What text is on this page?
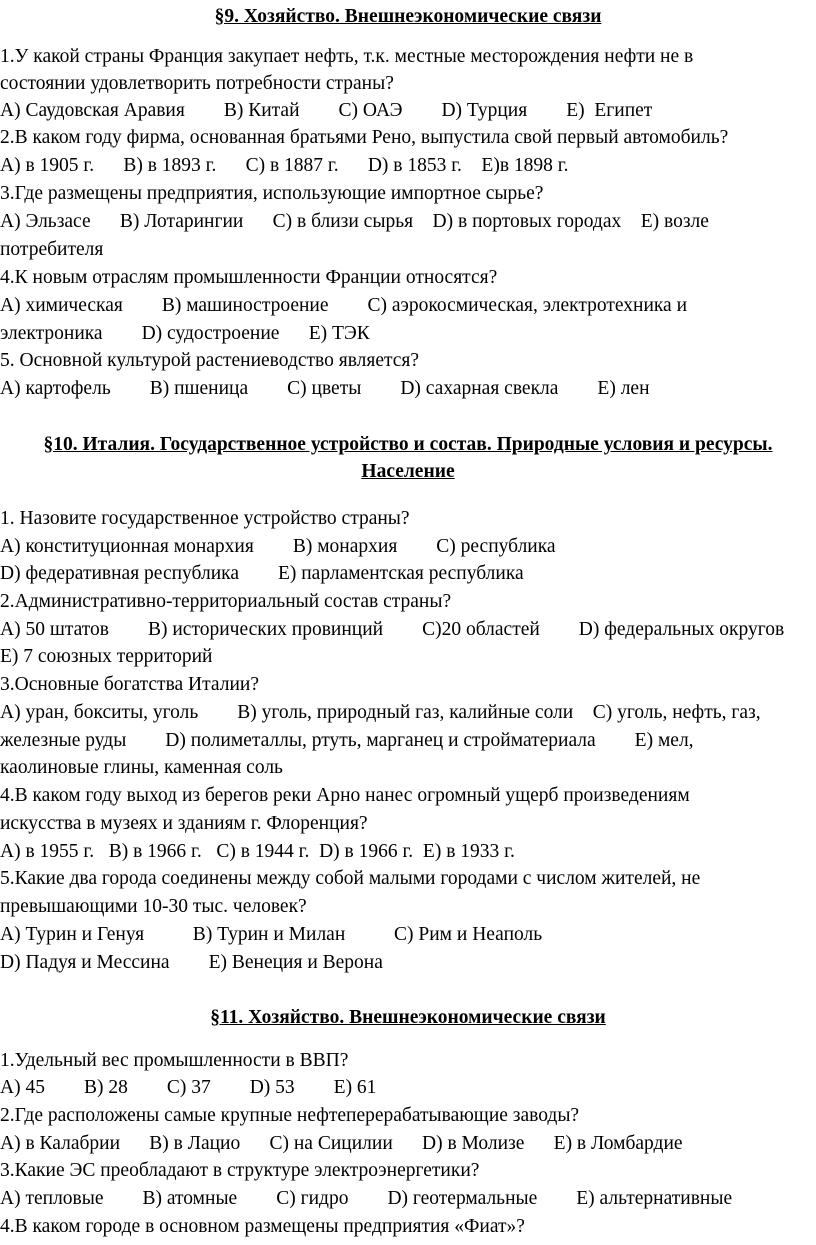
§9. Хозяйство. Внешнеэкономические связи

1.У какой страны Франция закупает нефть, т.к. местные месторождения нефти не в

состоянии удовлетворить потребности страны?

A) Саудовская Аравия        B) Китай        C) ОАЭ        D) Турция        E)  Египет

2.В каком году фирма, основанная братьями Рено, выпустила свой первый автомобиль?

A) в 1905 г.      B) в 1893 г.      C) в 1887 г.      D) в 1853 г.    E)в 1898 г.

3.Где размещены предприятия, использующие импортное сырье?

A) Эльзасе      B) Лотарингии      C) в близи сырья    D) в портовых городах    E) возле

потребителя

4.К новым отраслям промышленности Франции относятся?

A) химическая        B) машиностроение        C) аэрокосмическая, электротехника и

электроника        D) судостроение      E) ТЭК

5. Основной культурой растениеводство является?

A) картофель        B) пшеница        C) цветы        D) сахарная свекла        E) лен

§10. Италия. Государственное устройство и состав. Природные условия и ресурсы.
Население

1. Назовите государственное устройство страны?

A) конституционная монархия        B) монархия        C) республика

D) федеративная республика        E) парламентская республика

2.Административно-территориальный состав страны?

A) 50 штатов        B) исторических провинций        C)20 областей        D) федеральных округов

E) 7 союзных территорий

3.Основные богатства Италии?

A) уран, бокситы, уголь        B) уголь, природный газ, калийные соли    C) уголь, нефть, газ,

железные руды        D) полиметаллы, ртуть, марганец и стройматериала        E) мел,

каолиновые глины, каменная соль

4.В каком году выход из берегов реки Арно нанес огромный ущерб произведениям

искусства в музеях и зданиям г. Флоренция?

A) в 1955 г.   B) в 1966 г.   C) в 1944 г.  D) в 1966 г.  E) в 1933 г.

5.Какие два города соединены между собой малыми городами с числом жителей, не

превышающими 10-30 тыс. человек?

A) Турин и Генуя          B) Турин и Милан          C) Рим и Неаполь

D) Падуя и Мессина        E) Венеция и Верона

§11. Хозяйство. Внешнеэкономические связи

1.Удельный вес промышленности в ВВП?

A) 45        B) 28        C) 37        D) 53        E) 61

2.Где расположены самые крупные нефтеперерабатывающие заводы?

A) в Калабрии      B) в Лацио      C) на Сицилии      D) в Молизе      E) в Ломбардие

3.Какие ЭС преобладают в структуре электроэнергетики?

A) тепловые        B) атомные        C) гидро        D) геотермальные        E) альтернативные

4.В каком городе в основном размещены предприятия «Фиат»?
